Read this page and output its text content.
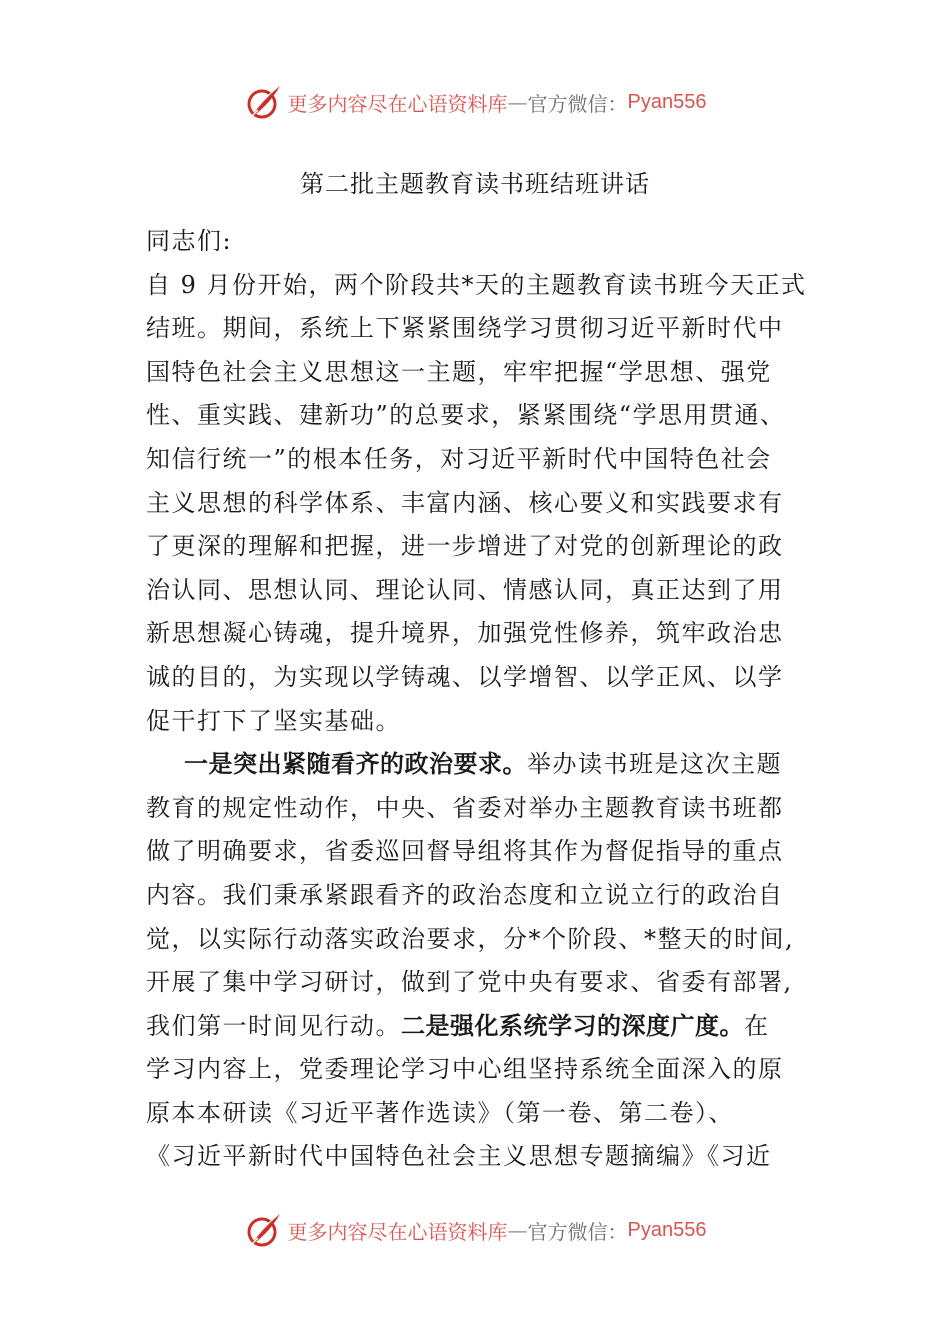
更多内容尽在心语资料库 — 官方微信： Pyan556
第二批主题教育读书班结班讲话

同志们:

自 9 月份开始，两个阶段共*天的主题教育读书班今天正式
结班。期间，系统上下紧紧围绕学习贯彻习近平新时代中
国特色社会主义思想这一主题，牢牢把握“学思想、强党
性、重实践、建新功”的总要求，紧紧围绕“学思用贯通、
知信行统一”的根本任务，对习近平新时代中国特色社会
主义思想的科学体系、丰富内涵、核心要义和实践要求有
了更深的理解和把握，进一步增进了对党的创新理论的政
治认同、思想认同、理论认同、情感认同，真正达到了用
新思想凝心铸魂，提升境界，加强党性修养，筑牢政治忠
诚的目的，为实现以学铸魂、以学增智、以学正风、以学
促干打下了坚实基础。

一是突出紧随看齐的政治要求。举办读书班是这次主题
教育的规定性动作，中央、省委对举办主题教育读书班都
做了明确要求，省委巡回督导组将其作为督促指导的重点
内容。我们秉承紧跟看齐的政治态度和立说立行的政治自
觉，以实际行动落实政治要求，分*个阶段、*整天的时间,
开展了集中学习研讨，做到了党中央有要求、省委有部署,
我们第一时间见行动。二是强化系统学习的深度广度。在
学习内容上，党委理论学习中心组坚持系统全面深入的原
原本本研读《习近平著作选读》（第一卷、第二卷）、
《习近平新时代中国特色社会主义思想专题摘编》《习近

更多内容尽在心语资料库 — 官方微信： Pyan556
